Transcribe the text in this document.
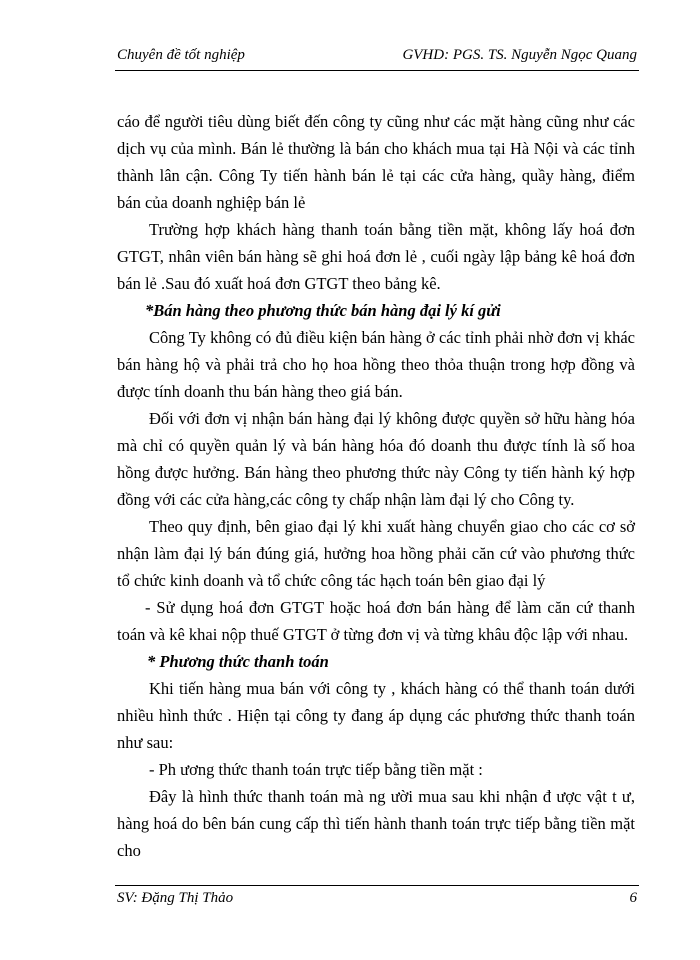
Chuyên đề tốt nghiệp	GVHD: PGS. TS. Nguyễn Ngọc Quang

cáo để người tiêu dùng biết đến công ty cũng như các mặt hàng cũng như các dịch vụ của mình. Bán lẻ thường là bán cho khách mua tại Hà Nội và các tỉnh thành lân cận. Công Ty tiến hành bán lẻ tại các cửa hàng, quầy hàng, điểm bán của doanh nghiệp bán lẻ

Trường hợp khách hàng thanh toán bằng tiền mặt, không lấy hoá đơn GTGT, nhân viên bán hàng sẽ ghi hoá đơn lẻ , cuối ngày lập bảng kê hoá đơn bán lẻ .Sau đó xuất hoá đơn GTGT theo bảng kê.

*Bán hàng theo phương thức bán hàng đại lý kí gửi

Công Ty không có đủ điều kiện bán hàng ở các tỉnh phải nhờ đơn vị khác bán hàng hộ và phải trả cho họ hoa hồng theo thỏa thuận trong hợp đồng và được tính doanh thu bán hàng theo giá bán.

Đối với đơn vị nhận bán hàng đại lý không được quyền sở hữu hàng hóa mà chỉ có quyền quản lý và bán hàng hóa đó doanh thu được tính là số hoa hồng được hưởng. Bán hàng theo phương thức này Công ty tiến hành ký hợp đồng với các cửa hàng,các công ty chấp nhận làm đại lý cho Công ty.

Theo quy định, bên giao đại lý khi xuất hàng chuyển giao cho các cơ sở nhận làm đại lý bán đúng giá, hưởng hoa hồng phải căn cứ vào phương thức tổ chức kinh doanh và tổ chức công tác hạch toán bên giao đại lý

- Sử dụng hoá đơn GTGT hoặc hoá đơn bán hàng để làm căn cứ thanh toán và kê khai nộp thuế GTGT ở từng đơn vị và từng khâu độc lập với nhau.

* Phương thức thanh toán

Khi tiến hàng mua bán với công ty , khách hàng có thể thanh toán dưới nhiều hình thức . Hiện tại công ty đang áp dụng các phương thức thanh toán như sau:

- Ph ương thức thanh toán trực tiếp bằng tiền mặt :

Đây là hình thức thanh toán mà ng ười mua sau khi nhận đ ược vật t ư, hàng hoá do bên bán cung cấp thì tiến hành thanh toán trực tiếp bằng tiền mặt cho

SV: Đặng Thị Thảo	6
